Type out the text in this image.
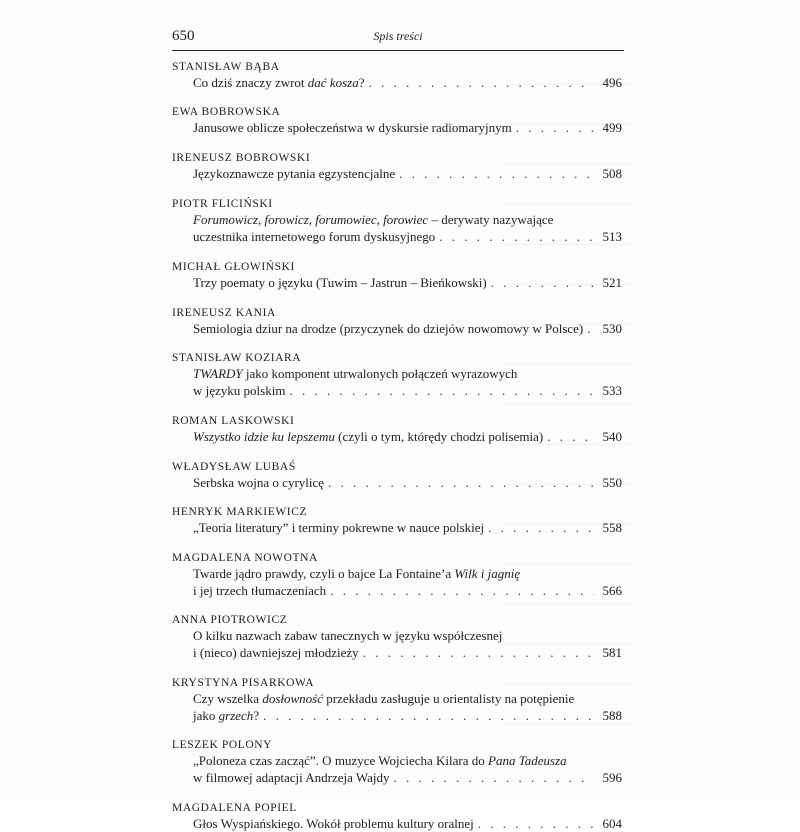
650	Spis treści
STANISŁAW BĄBA
Co dziś znaczy zwrot dać kosza? . . .	496
EWA BOBROWSKA
Janusowe oblicze społeczeństwa w dyskursie radiomaryjnym . . .	499
IRENEUSZ BOBROWSKI
Językoznawcze pytania egzystencjalne . . .	508
PIOTR FLICIŃSKI
Forumowicz, forowicz, forumowiec, forowiec – derywaty nazywające
uczestnika internetowego forum dyskusyjnego . . .	513
MICHAŁ GŁOWIŃSKI
Trzy poematy o języku (Tuwim – Jastrun – Bieńkowski) . . .	521
IRENEUSZ KANIA
Semiologia dziur na drodze (przyczynek do dziejów nowomowy w Polsce) . . .	530
STANISŁAW KOZIARA
TWARDY jako komponent utrwalonych połączeń wyrazowych
w języku polskim . . .	533
ROMAN LASKOWSKI
Wszystko idzie ku lepszemu (czyli o tym, którędy chodzi polisemia) . . .	540
WŁADYSŁAW LUBAŚ
Serbska wojna o cyrylicę . . .	550
HENRYK MARKIEWICZ
„Teoria literatury” i terminy pokrewne w nauce polskiej . . .	558
MAGDALENA NOWOTNA
Twarde jądro prawdy, czyli o bajce La Fontaine’a Wilk i jagnię
i jej trzech tłumaczeniach . . .	566
ANNA PIOTROWICZ
O kilku nazwach zabaw tanecznych w języku współczesnej
i (nieco) dawniejszej młodzieży . . .	581
KRYSTYNA PISARKOWA
Czy wszelka dosłowność przekładu zasługuje u orientalisty na potępienie
jako grzech? . . .	588
LESZEK POLONY
„Poloneza czas zacząć”. O muzyce Wojciecha Kilara do Pana Tadeusza
w filmowej adaptacji Andrzeja Wajdy . . .	596
MAGDALENA POPIEL
Głos Wyspiańskiego. Wokół problemu kultury oralnej . . .	604
